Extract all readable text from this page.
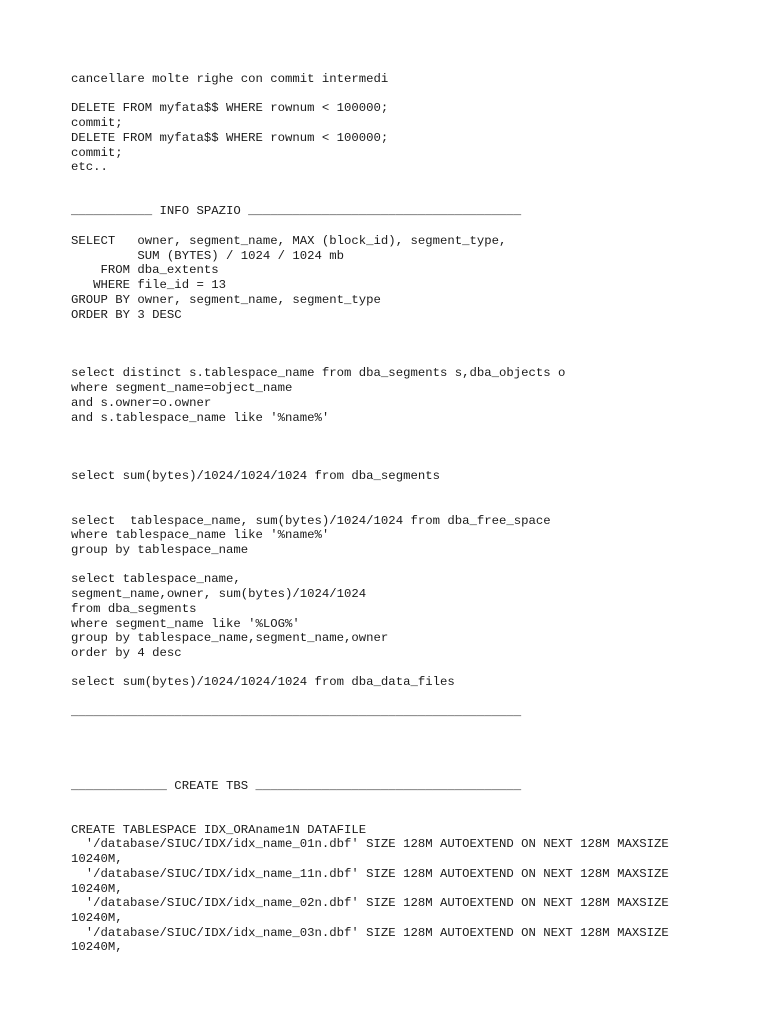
cancellare molte righe con commit intermedi
DELETE FROM myfata$$ WHERE rownum < 100000;
commit;
DELETE FROM myfata$$ WHERE rownum < 100000;
commit;
etc..
___________ INFO SPAZIO _____________________________________
SELECT   owner, segment_name, MAX (block_id), segment_type,
SUM (BYTES) / 1024 / 1024 mb
FROM dba_extents
WHERE file_id = 13
GROUP BY owner, segment_name, segment_type
ORDER BY 3 DESC
select distinct s.tablespace_name from dba_segments s,dba_objects o
where segment_name=object_name
and s.owner=o.owner
and s.tablespace_name like '%name%'
select sum(bytes)/1024/1024/1024 from dba_segments
select  tablespace_name, sum(bytes)/1024/1024 from dba_free_space
where tablespace_name like '%name%'
group by tablespace_name
select tablespace_name,
segment_name,owner, sum(bytes)/1024/1024
from dba_segments
where segment_name like '%LOG%'
group by tablespace_name,segment_name,owner
order by 4 desc
select sum(bytes)/1024/1024/1024 from dba_data_files
_____________________________________________________________
_____________ CREATE TBS ____________________________________
CREATE TABLESPACE IDX_ORAname1N DATAFILE
'/database/SIUC/IDX/idx_name_01n.dbf' SIZE 128M AUTOEXTEND ON NEXT 128M MAXSIZE
10240M,
'/database/SIUC/IDX/idx_name_11n.dbf' SIZE 128M AUTOEXTEND ON NEXT 128M MAXSIZE
10240M,
'/database/SIUC/IDX/idx_name_02n.dbf' SIZE 128M AUTOEXTEND ON NEXT 128M MAXSIZE
10240M,
'/database/SIUC/IDX/idx_name_03n.dbf' SIZE 128M AUTOEXTEND ON NEXT 128M MAXSIZE
10240M,
